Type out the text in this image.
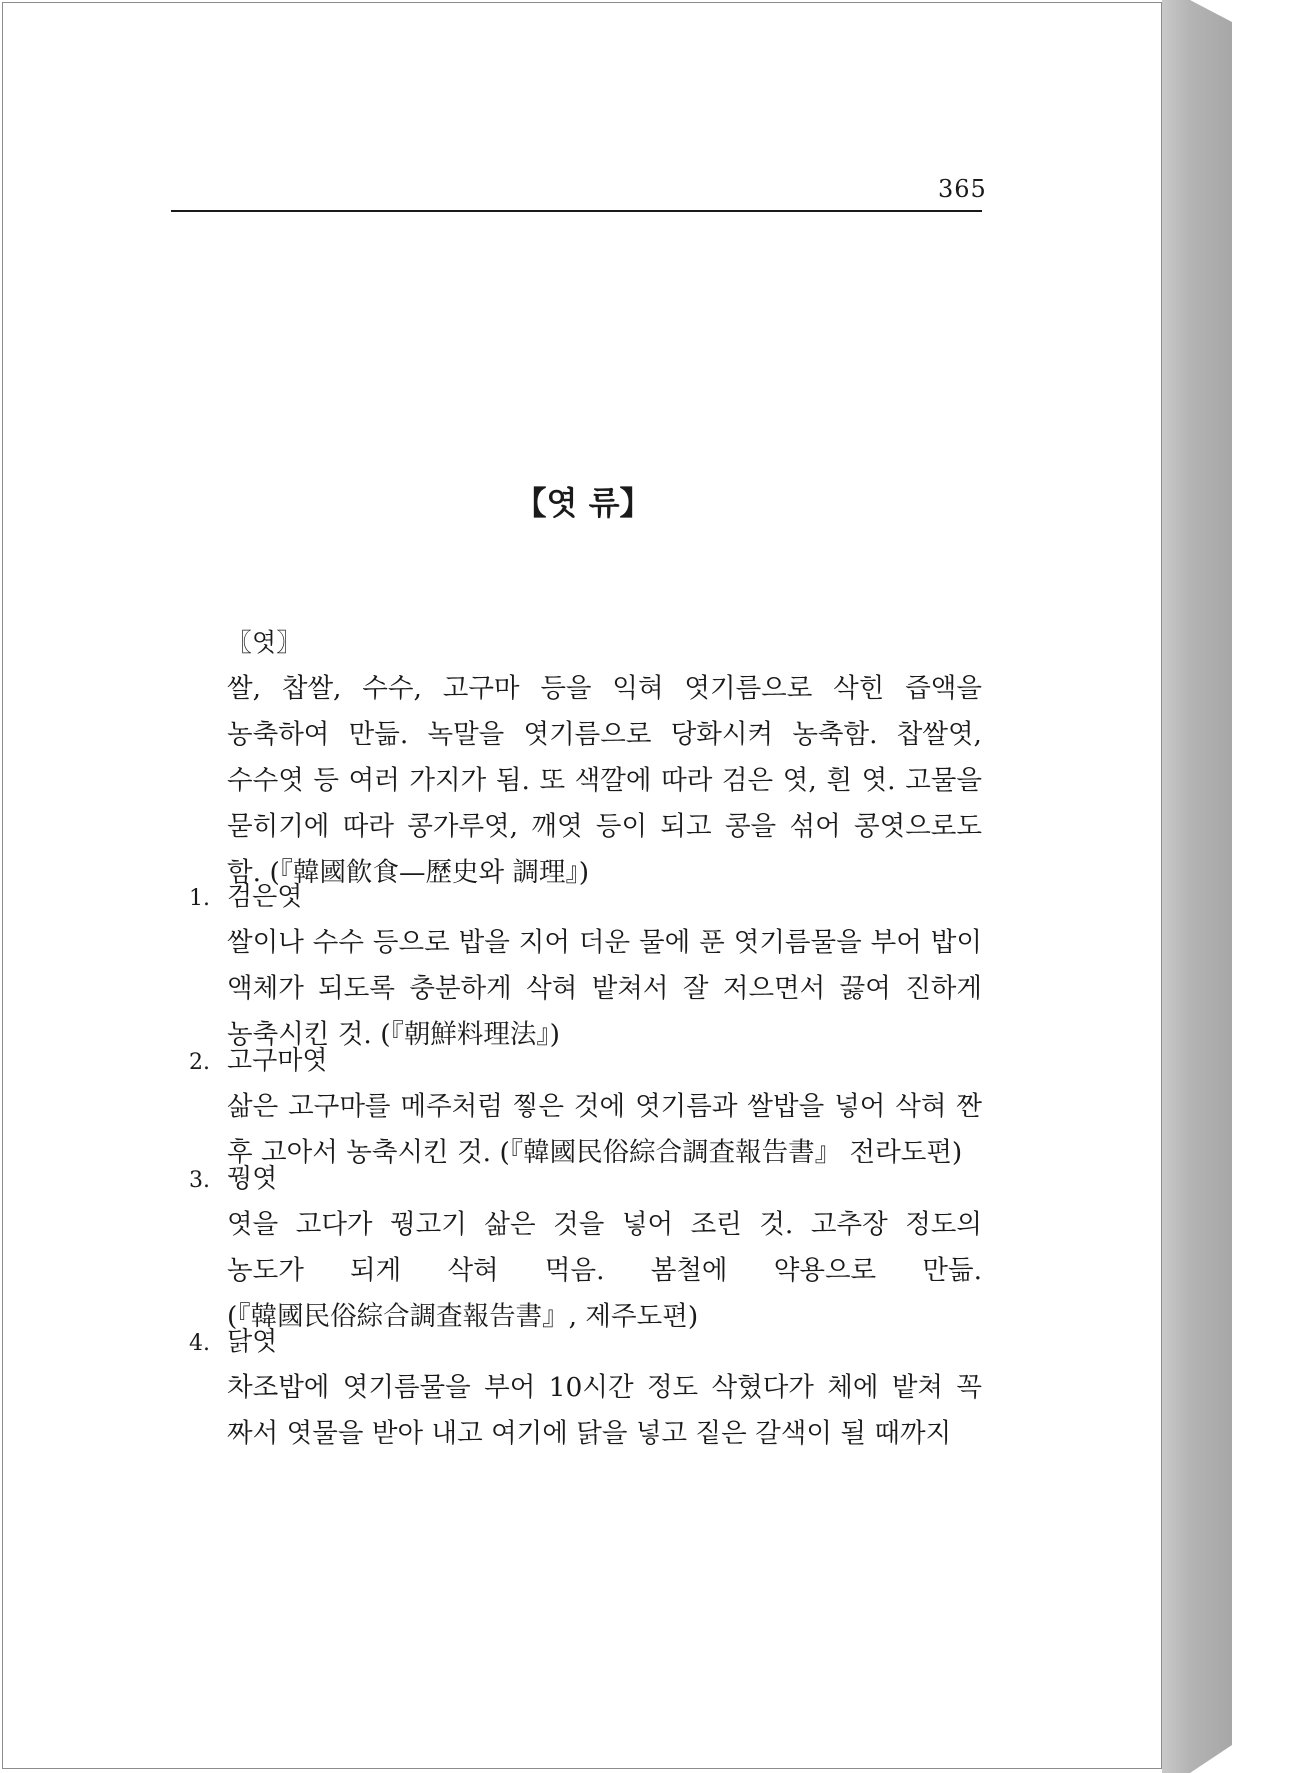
365
【엿 류】
〖엿〗
쌀, 찹쌀, 수수, 고구마 등을 익혀 엿기름으로 삭힌 즙액을 농축하여 만듦. 녹말을 엿기름으로 당화시켜 농축함. 찹쌀엿, 수수엿 등 여러 가지가 됨. 또 색깔에 따라 검은 엿, 흰 엿. 고물을 묻히기에 따라 콩가루엿, 깨엿 등이 되고 콩을 섞어 콩엿으로도 함. (『韓國飮食—歷史와 調理』)
1. 검은엿
쌀이나 수수 등으로 밥을 지어 더운 물에 푼 엿기름물을 부어 밥이 액체가 되도록 충분하게 삭혀 밭쳐서 잘 저으면서 끓여 진하게 농축시킨 것. (『朝鮮料理法』)
2. 고구마엿
삶은 고구마를 메주처럼 찧은 것에 엿기름과 쌀밥을 넣어 삭혀 짠 후 고아서 농축시킨 것. (『韓國民俗綜合調査報告書』 전라도편)
3. 꿩엿
엿을 고다가 꿩고기 삶은 것을 넣어 조린 것. 고추장 정도의 농도가 되게 삭혀 먹음. 봄철에 약용으로 만듦. (『韓國民俗綜合調査報告書』, 제주도편)
4. 닭엿
차조밥에 엿기름물을 부어 10시간 정도 삭혔다가 체에 밭쳐 꼭 짜서 엿물을 받아 내고 여기에 닭을 넣고 짙은 갈색이 될 때까지
